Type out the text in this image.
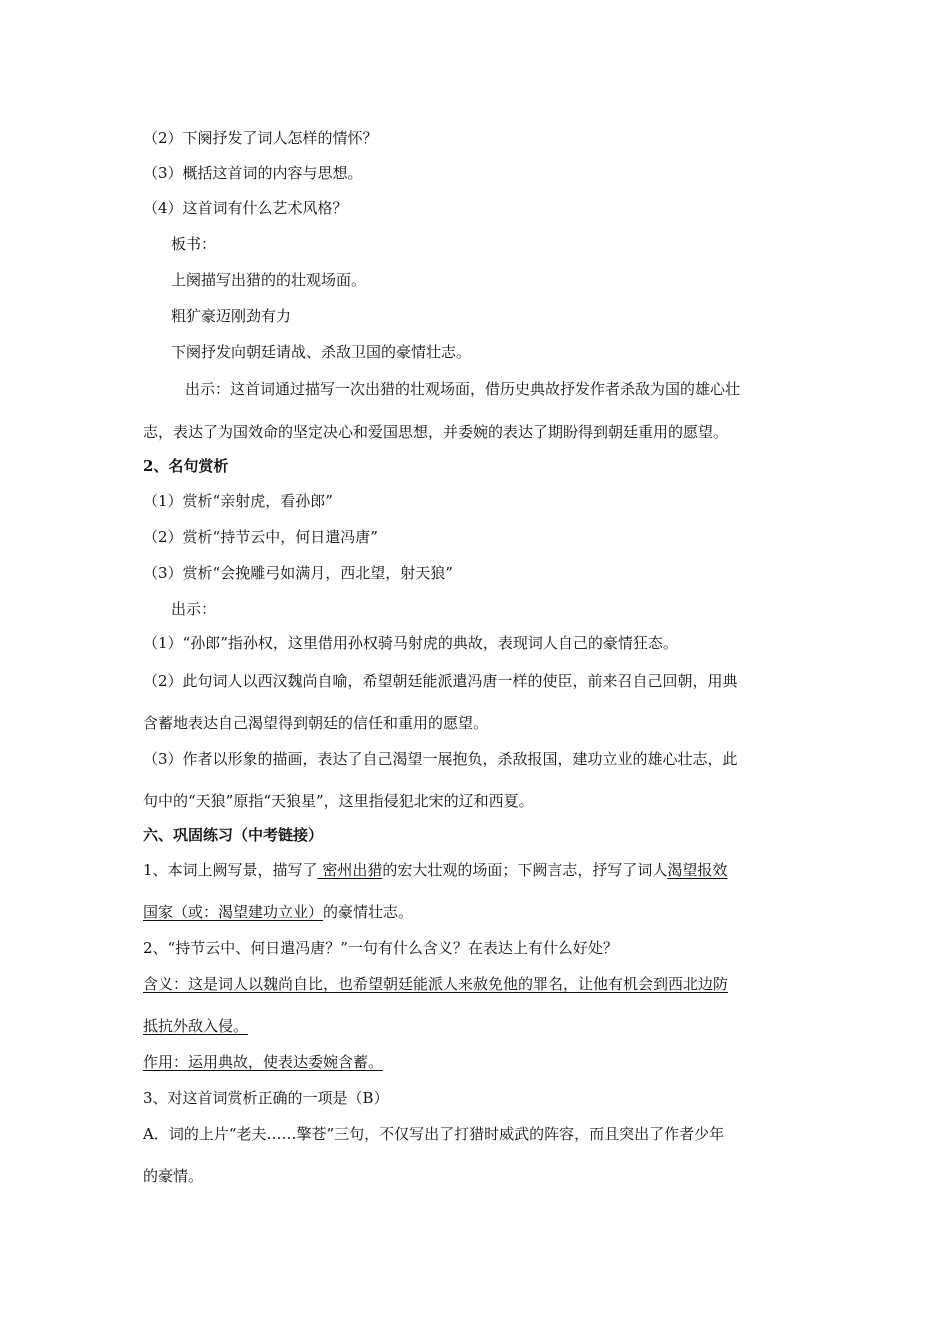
（2）下阕抒发了词人怎样的情怀？
（3）概括这首词的内容与思想。
（4）这首词有什么艺术风格？
板书：
上阕描写出猎的的壮观场面。
粗犷豪迈刚劲有力
下阕抒发向朝廷请战、杀敌卫国的豪情壮志。
出示：这首词通过描写一次出猎的壮观场面，借历史典故抒发作者杀敌为国的雄心壮
志，表达了为国效命的坚定决心和爱国思想，并委婉的表达了期盼得到朝廷重用的愿望。
2、名句赏析
（1）赏析“亲射虎，看孙郎”
（2）赏析“持节云中，何日遣冯唐”
（3）赏析“会挽雕弓如满月，西北望，射天狼”
出示：
（1）“孙郎”指孙权，这里借用孙权骑马射虎的典故，表现词人自己的豪情狂态。
（2）此句词人以西汉魏尚自喻，希望朝廷能派遣冯唐一样的使臣，前来召自己回朝，用典
含蓄地表达自己渴望得到朝廷的信任和重用的愿望。
（3）作者以形象的描画，表达了自己渴望一展抱负，杀敌报国，建功立业的雄心壮志，此
句中的“天狼”原指“天狼星”，这里指侵犯北宋的辽和西夏。
六、巩固练习（中考链接）
1、本词上阙写景，描写了 密州出猎的宏大壮观的场面；下阙言志，抒写了词人渴望报效
国家（或：渴望建功立业）的豪情壮志。
2、“持节云中、何日遣冯唐？”一句有什么含义？在表达上有什么好处？
含义：这是词人以魏尚自比，也希望朝廷能派人来赦免他的罪名，让他有机会到西北边防
抵抗外敌入侵。
作用：运用典故，使表达委婉含蓄。
3、对这首词赏析正确的一项是（B）
A．词的上片“老夫……擎苍”三句，不仅写出了打猎时威武的阵容，而且突出了作者少年
的豪情。
